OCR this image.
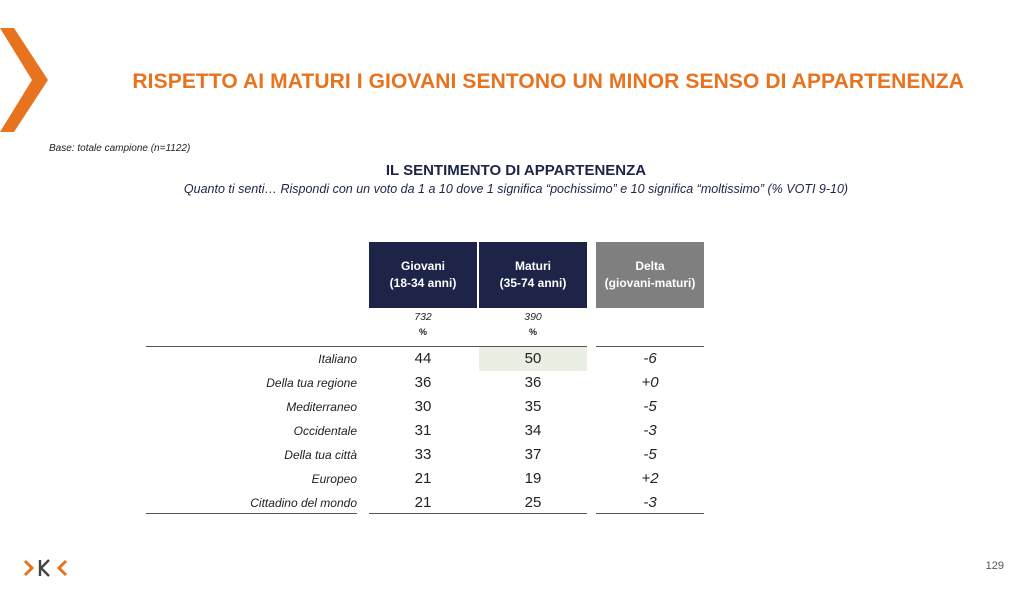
RISPETTO AI MATURI I GIOVANI SENTONO UN MINOR SENSO DI APPARTENENZA
Base: totale campione (n=1122)
IL SENTIMENTO DI APPARTENENZA
Quanto ti senti… Rispondi con un voto da 1 a 10 dove 1 significa “pochissimo” e 10 significa “moltissimo” (% VOTI 9-10)
Giovani
(18-34 anni)
Maturi
(35-74 anni)
Delta
(giovani-maturi)
732
%
390
%
Italiano	44	50	-6
Della tua regione	36	36	+0
Mediterraneo	30	35	-5
Occidentale	31	34	-3
Della tua città	33	37	-5
Europeo	21	19	+2
Cittadino del mondo	21	25	-3
129
